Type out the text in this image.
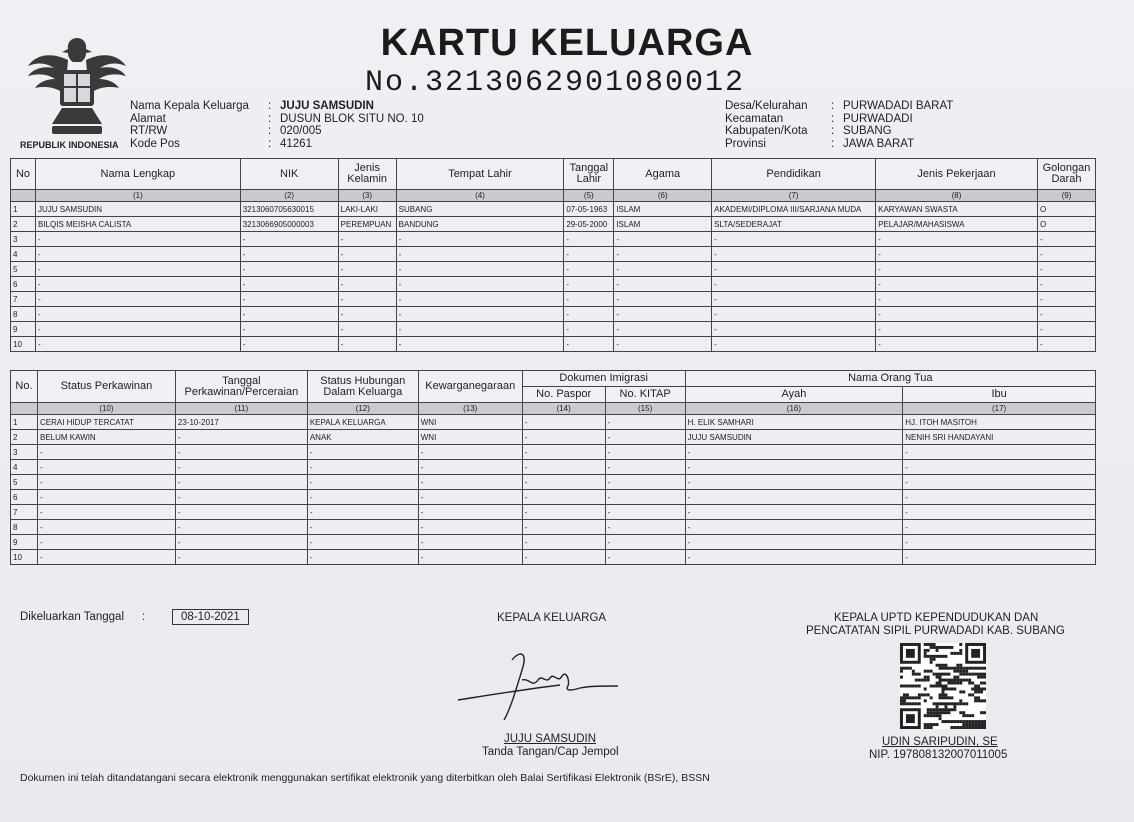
REPUBLIK INDONESIA
KARTU KELUARGA
No.3213062901080012
Nama Kepala Keluarga	: JUJU SAMSUDIN
Alamat	: DUSUN BLOK SITU NO. 10
RT/RW	: 020/005
Kode Pos	: 41261
Desa/Kelurahan	: PURWADADI BARAT
Kecamatan	: PURWADADI
Kabupaten/Kota	: SUBANG
Provinsi	: JAWA BARAT
No	Nama Lengkap	NIK	Jenis Kelamin	Tempat Lahir	Tanggal Lahir	Agama	Pendidikan	Jenis Pekerjaan	Golongan Darah
	(1)	(2)	(3)	(4)	(5)	(6)	(7)	(8)	(9)
1	JUJU SAMSUDIN	3213060705630015	LAKI-LAKI	SUBANG	07-05-1963	ISLAM	AKADEMI/DIPLOMA III/SARJANA MUDA	KARYAWAN SWASTA	O
2	BILQIS MEISHA CALISTA	3213066905000003	PEREMPUAN	BANDUNG	29-05-2000	ISLAM	SLTA/SEDERAJAT	PELAJAR/MAHASISWA	O
3	-	-	-	-	-	-	-	-	-
4	-	-	-	-	-	-	-	-	-
5	-	-	-	-	-	-	-	-	-
6	-	-	-	-	-	-	-	-	-
7	-	-	-	-	-	-	-	-	-
8	-	-	-	-	-	-	-	-	-
9	-	-	-	-	-	-	-	-	-
10	-	-	-	-	-	-	-	-	-
No.	Status Perkawinan	Tanggal Perkawinan/Perceraian	Status Hubungan Dalam Keluarga	Kewarganegaraan	Dokumen Imigrasi		Nama Orang Tua	
					No. Paspor	No. KITAP	Ayah	Ibu
	(10)	(11)	(12)	(13)	(14)	(15)	(16)	(17)
1	CERAI HIDUP TERCATAT	23-10-2017	KEPALA KELUARGA	WNI	-	-	H. ELIK SAMHARI	HJ. ITOH MASITOH
2	BELUM KAWIN	-	ANAK	WNI	-	-	JUJU SAMSUDIN	NENIH SRI HANDAYANI
3	-	-	-	-	-	-	-	-
4	-	-	-	-	-	-	-	-
5	-	-	-	-	-	-	-	-
6	-	-	-	-	-	-	-	-
7	-	-	-	-	-	-	-	-
8	-	-	-	-	-	-	-	-
9	-	-	-	-	-	-	-	-
10	-	-	-	-	-	-	-	-
Dikeluarkan Tanggal :	08-10-2021	KEPALA KELUARGA
JUJU SAMSUDIN
Tanda Tangan/Cap Jempol
KEPALA UPTD KEPENDUDUKAN DAN
PENCATATAN SIPIL PURWADADI KAB. SUBANG
UDIN SARIPUDIN, SE
NIP. 197808132007011005
Dokumen ini telah ditandatangani secara elektronik menggunakan sertifikat elektronik yang diterbitkan oleh Balai Sertifikasi Elektronik (BSrE), BSSN
